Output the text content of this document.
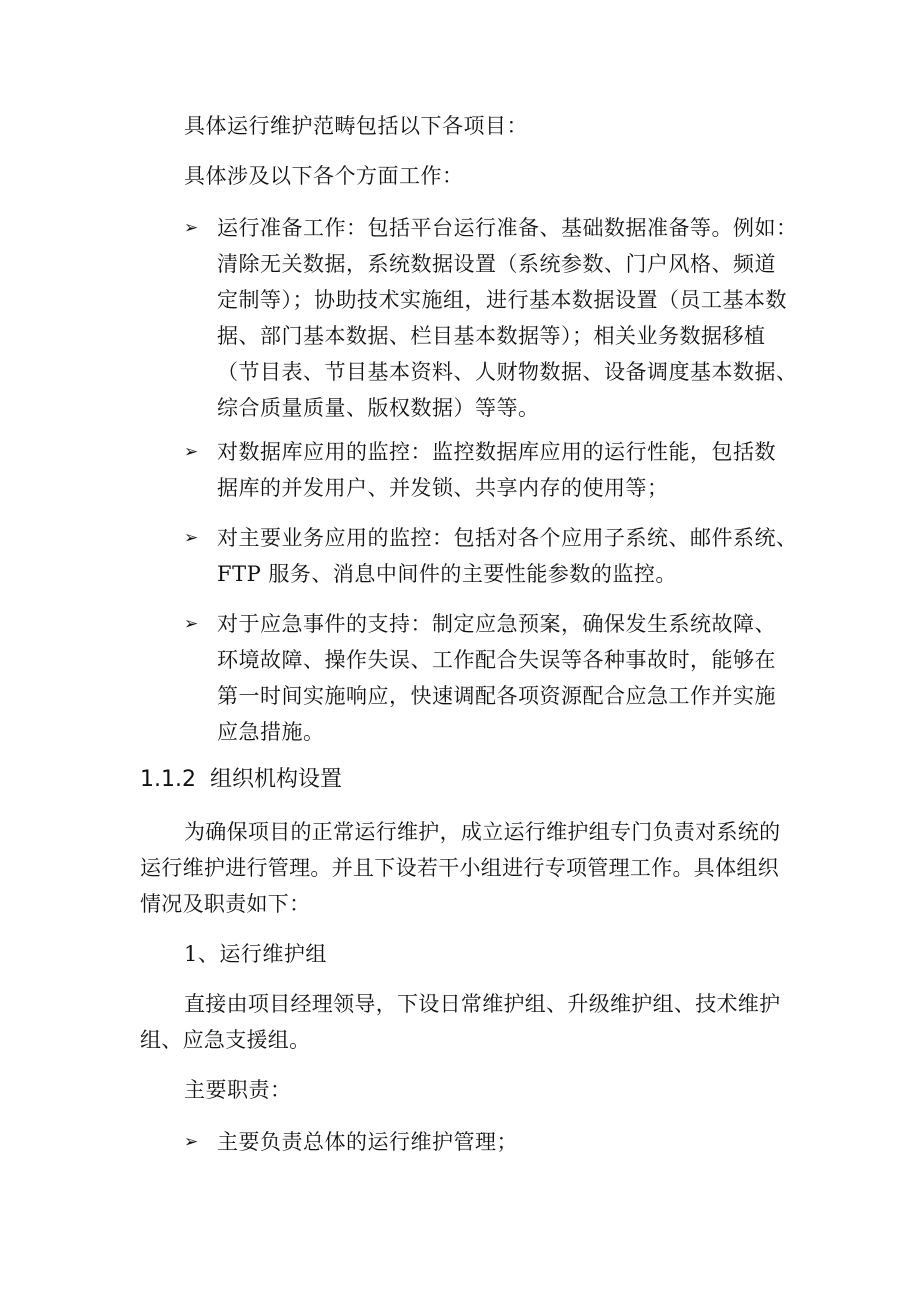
具体运行维护范畴包括以下各项目：
具体涉及以下各个方面工作：
➢ 运行准备工作：包括平台运行准备、基础数据准备等。例如：
清除无关数据，系统数据设置（系统参数、门户风格、频道
定制等）；协助技术实施组，进行基本数据设置（员工基本数
据、部门基本数据、栏目基本数据等）；相关业务数据移植
（节目表、节目基本资料、人财物数据、设备调度基本数据、
综合质量质量、版权数据）等等。
➢ 对数据库应用的监控：监控数据库应用的运行性能，包括数
据库的并发用户、并发锁、共享内存的使用等；
➢ 对主要业务应用的监控：包括对各个应用子系统、邮件系统、
FTP 服务、消息中间件的主要性能参数的监控。
➢ 对于应急事件的支持：制定应急预案，确保发生系统故障、
环境故障、操作失误、工作配合失误等各种事故时，能够在
第一时间实施响应，快速调配各项资源配合应急工作并实施
应急措施。
1.1.2 组织机构设置
为确保项目的正常运行维护，成立运行维护组专门负责对系统的
运行维护进行管理。并且下设若干小组进行专项管理工作。具体组织
情况及职责如下：
1、运行维护组
直接由项目经理领导，下设日常维护组、升级维护组、技术维护
组、应急支援组。
主要职责：
➢ 主要负责总体的运行维护管理；
